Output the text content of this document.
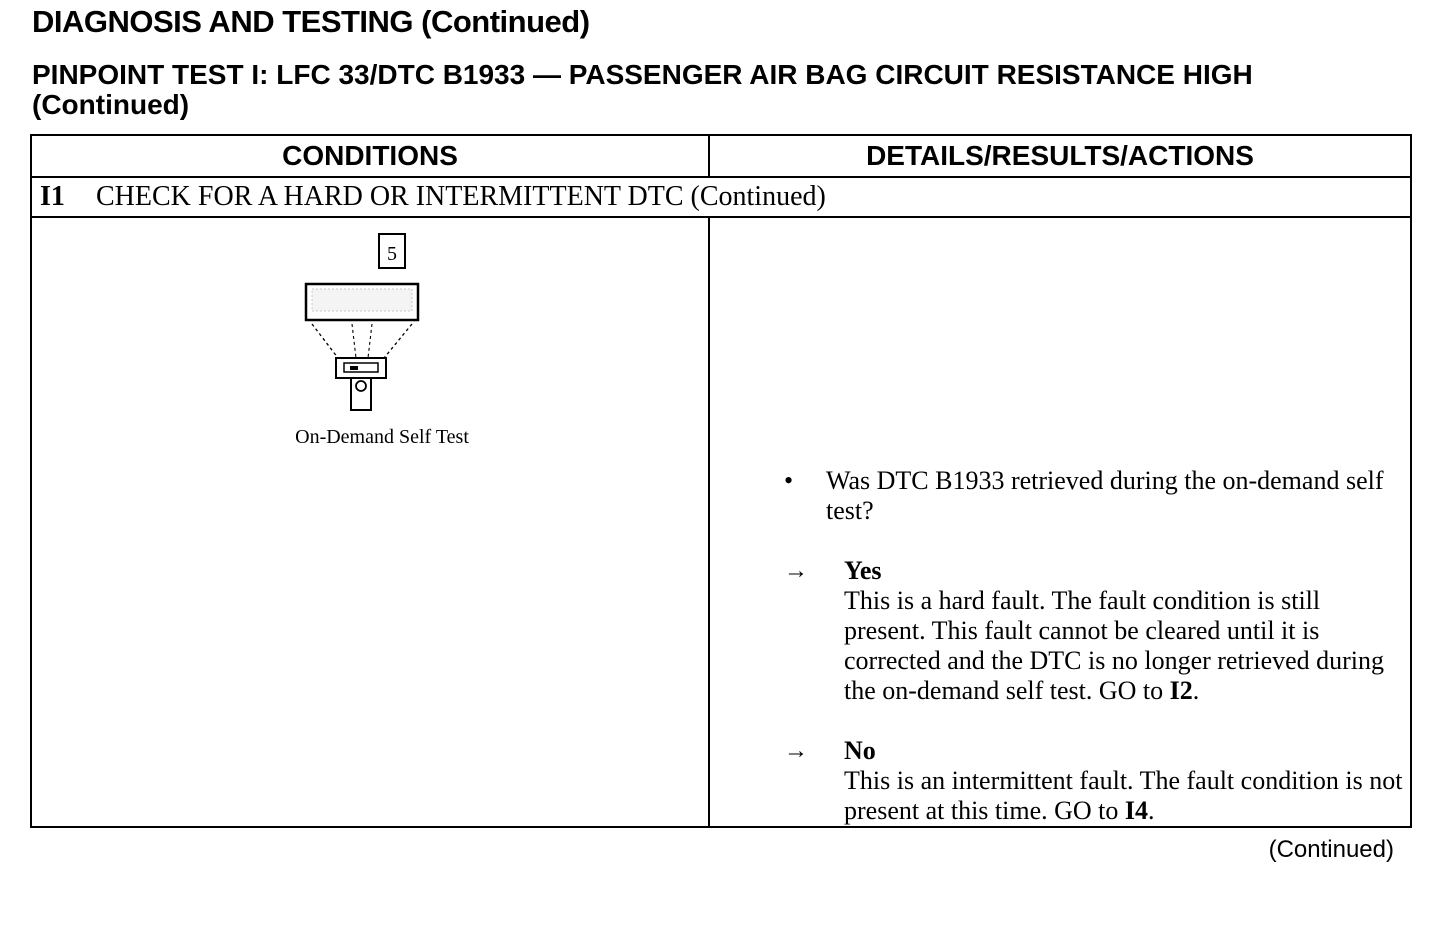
DIAGNOSIS AND TESTING (Continued)
PINPOINT TEST I: LFC 33/DTC B1933 — PASSENGER AIR BAG CIRCUIT RESISTANCE HIGH (Continued)
CONDITIONS	DETAILS/RESULTS/ACTIONS
I1 CHECK FOR A HARD OR INTERMITTENT DTC (Continued)
5
On-Demand Self Test
• Was DTC B1933 retrieved during the on-demand self test?
→ Yes
This is a hard fault. The fault condition is still present. This fault cannot be cleared until it is corrected and the DTC is no longer retrieved during the on-demand self test. GO to I2.
→ No
This is an intermittent fault. The fault condition is not present at this time. GO to I4.
(Continued)
